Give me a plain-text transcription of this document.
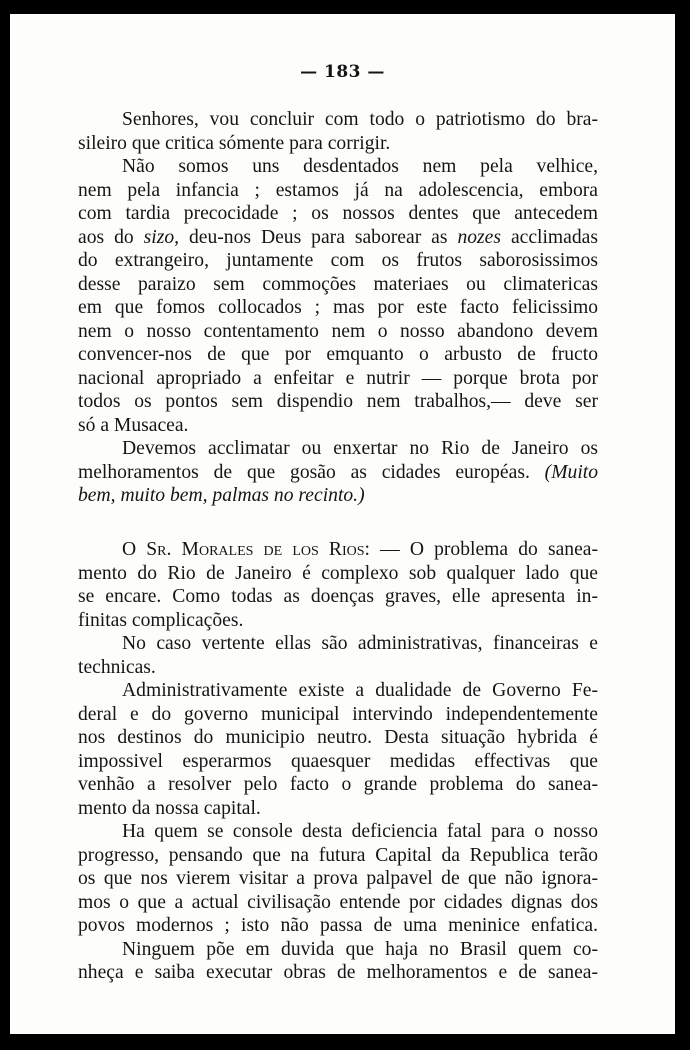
— 183 —
Senhores, vou concluir com todo o patriotismo do bra-
sileiro que critica sómente para corrigir.
Não somos uns desdentados nem pela velhice,
nem pela infancia ; estamos já na adolescencia, embora
com tardia precocidade ; os nossos dentes que antecedem
aos do sizo, deu-nos Deus para saborear as nozes acclimadas
do extrangeiro, juntamente com os frutos saborosissimos
desse paraizo sem commoções materiaes ou climatericas
em que fomos collocados ; mas por este facto felicissimo
nem o nosso contentamento nem o nosso abandono devem
convencer-nos de que por emquanto o arbusto de fructo
nacional apropriado a enfeitar e nutrir — porque brota por
todos os pontos sem dispendio nem trabalhos,— deve ser
só a Musacea.
Devemos acclimatar ou enxertar no Rio de Janeiro os
melhoramentos de que gosão as cidades européas. (Muito
bem, muito bem, palmas no recinto.)
O Sr. Morales de los Rios: — O problema do sanea-
mento do Rio de Janeiro é complexo sob qualquer lado que
se encare. Como todas as doenças graves, elle apresenta in-
finitas complicações.
No caso vertente ellas são administrativas, financeiras e
technicas.
Administrativamente existe a dualidade de Governo Fe-
deral e do governo municipal intervindo independentemente
nos destinos do municipio neutro. Desta situação hybrida é
impossivel esperarmos quaesquer medidas effectivas que
venhão a resolver pelo facto o grande problema do sanea-
mento da nossa capital.
Ha quem se console desta deficiencia fatal para o nosso
progresso, pensando que na futura Capital da Republica terão
os que nos vierem visitar a prova palpavel de que não ignora-
mos o que a actual civilisação entende por cidades dignas dos
povos modernos ; isto não passa de uma meninice enfatica.
Ninguem põe em duvida que haja no Brasil quem co-
nheça e saiba executar obras de melhoramentos e de sanea-
